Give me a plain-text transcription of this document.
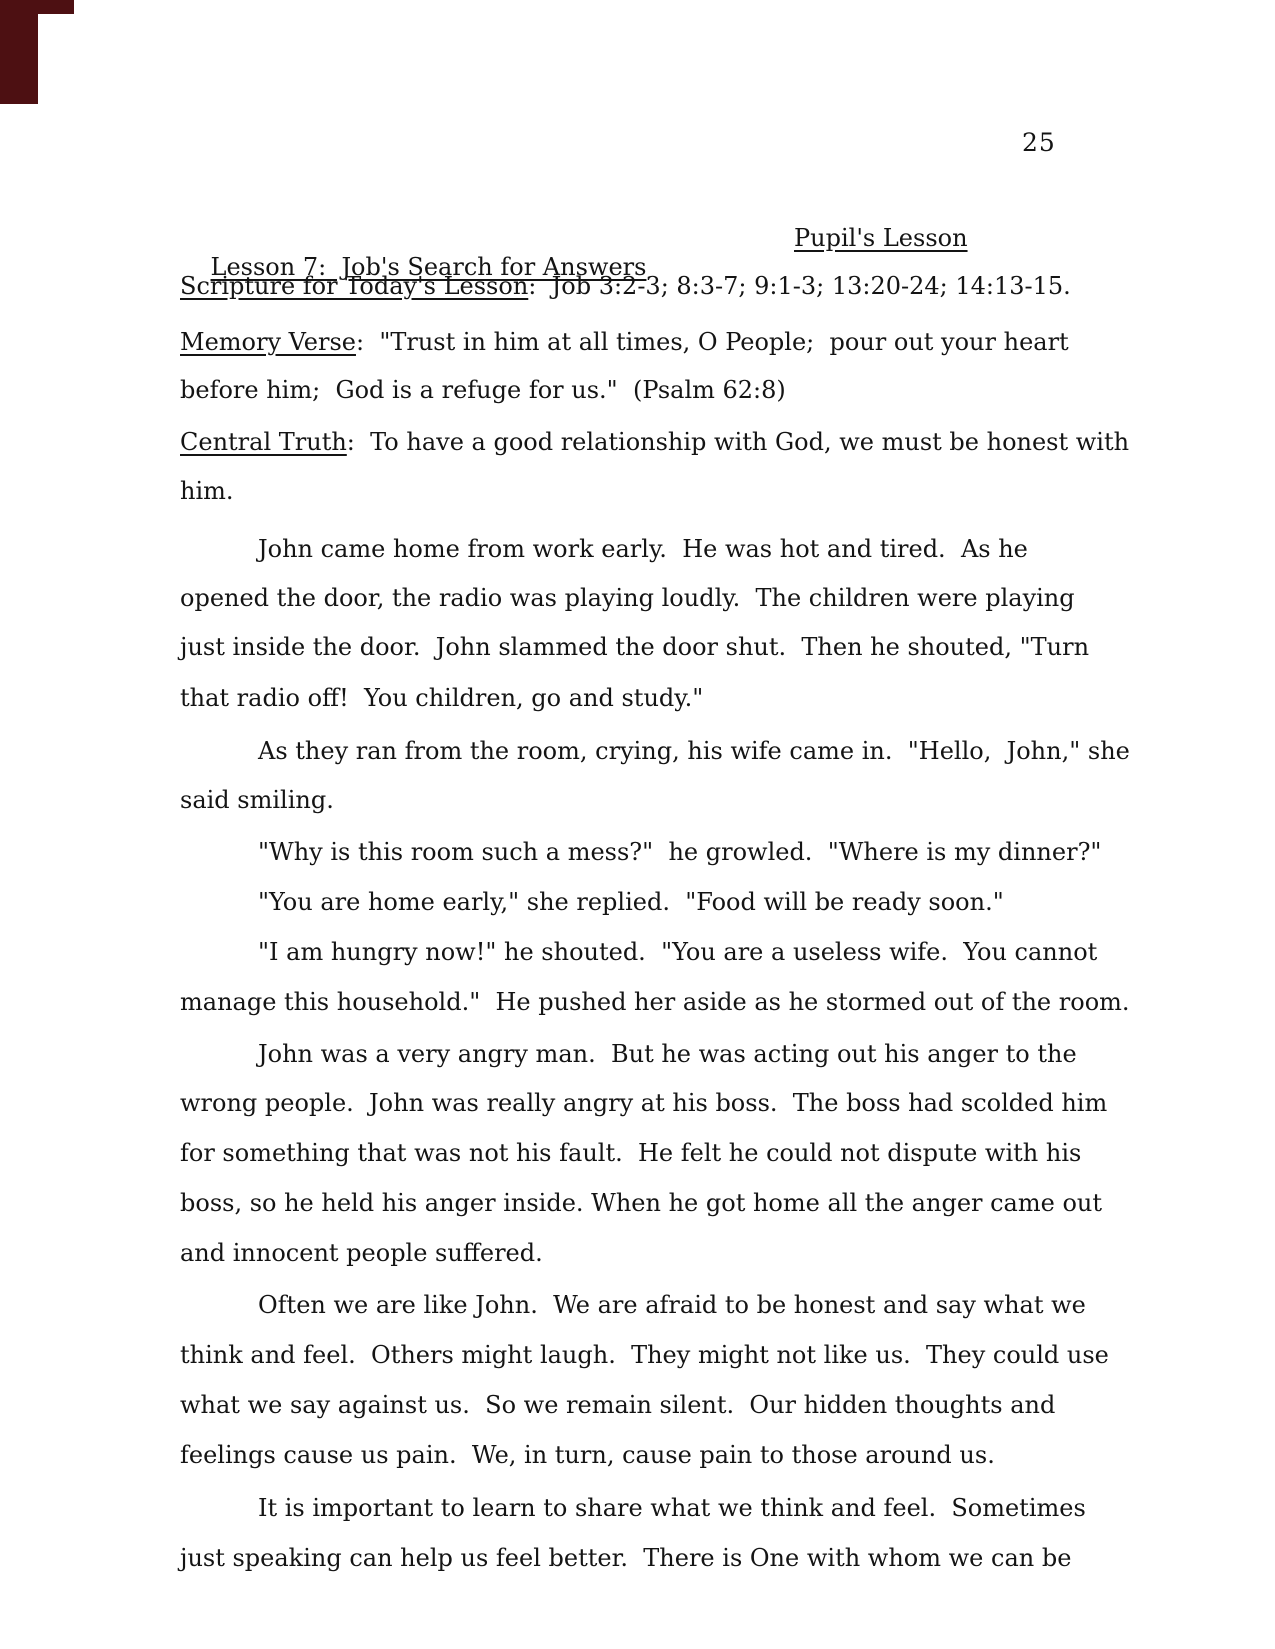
25

Lesson 7:  Job's Search for Answers

Pupil's Lesson

Scripture for Today's Lesson:  Job 3:2-3; 8:3-7; 9:1-3; 13:20-24; 14:13-15.
Memory Verse:  "Trust in him at all times, O People;  pour out your heart
before him;  God is a refuge for us."  (Psalm 62:8)
Central Truth:  To have a good relationship with God, we must be honest with
him.
John came home from work early.  He was hot and tired.  As he
opened the door, the radio was playing loudly.  The children were playing
just inside the door.  John slammed the door shut.  Then he shouted, "Turn
that radio off!  You children, go and study."
As they ran from the room, crying, his wife came in.  "Hello,  John," she
said smiling.
"Why is this room such a mess?"  he growled.  "Where is my dinner?"
"You are home early," she replied.  "Food will be ready soon."
"I am hungry now!" he shouted.  "You are a useless wife.  You cannot
manage this household."  He pushed her aside as he stormed out of the room.
John was a very angry man.  But he was acting out his anger to the
wrong people.  John was really angry at his boss.  The boss had scolded him
for something that was not his fault.  He felt he could not dispute with his
boss, so he held his anger inside. When he got home all the anger came out
and innocent people suffered.
Often we are like John.  We are afraid to be honest and say what we
think and feel.  Others might laugh.  They might not like us.  They could use
what we say against us.  So we remain silent.  Our hidden thoughts and
feelings cause us pain.  We, in turn, cause pain to those around us.
It is important to learn to share what we think and feel.  Sometimes
just speaking can help us feel better.  There is One with whom we can be
